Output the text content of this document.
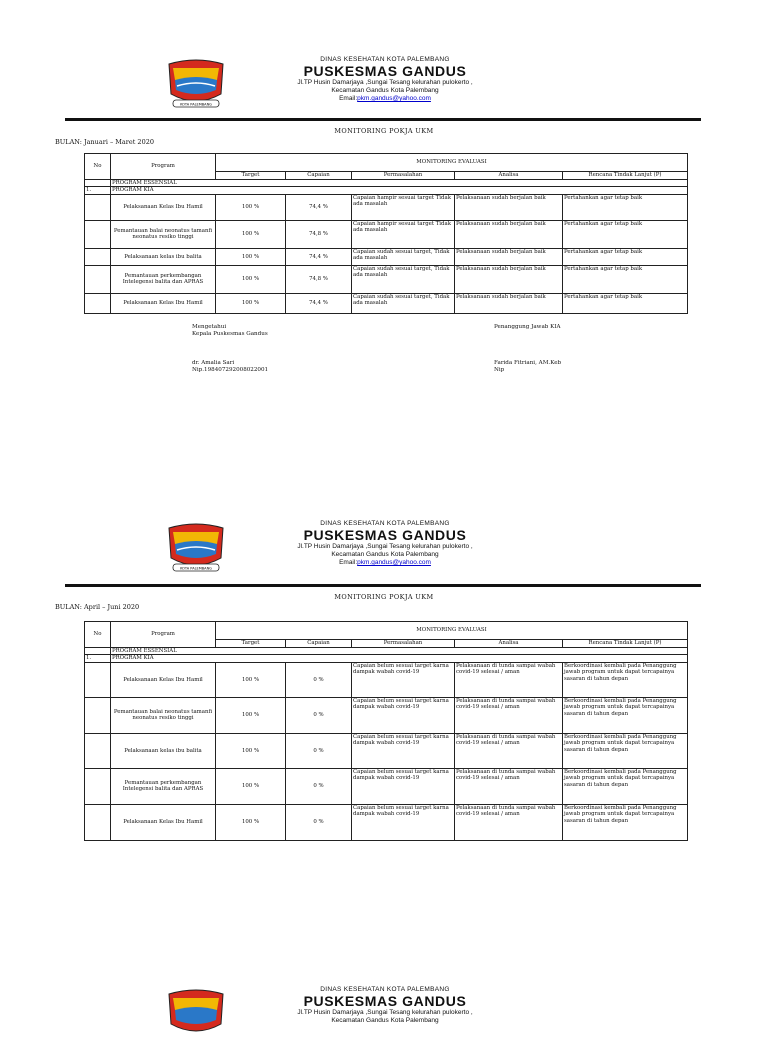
KOTA PALEMBANG
DINAS KESEHATAN KOTA PALEMBANG
PUSKESMAS GANDUS
Jl.TP Husin Damarjaya ,Sungai Tesang kelurahan pulokerto ,
Kecamatan Gandus Kota Palembang
Email:pkm.gandus@yahoo.com
MONITORING POKJA UKM
BULAN: Januari – Maret 2020
No	Program	MONITORING EVALUASI				
		Target	Capaian	Permasalahan	Analisa	Rencana Tindak Lanjut (P)
	PROGRAM ESSENSIAL					
1.	PROGRAM KIA					
	Pelaksanaan Kelas Ibu Hamil	100 %	74,4 %	Capaian hampir sesuai target Tidak ada masalah	Pelaksanaan sudah berjalan baik	Pertahankan agar tetap baik
	Pemantauan balai neonatus tamanfi neonatus resiko tinggi	100 %	74,8 %	Capaian hampir sesuai target Tidak ada masalah	Pelaksanaan sudah berjalan baik	Pertahankan agar tetap baik
	Pelaksanaan kelas ibu balita	100 %	74,4 %	Capaian sudah sesuai target, Tidak ada masalah	Pelaksanaan sudah berjalan baik	Pertahankan agar tetap baik
	Pemantauan perkembangan Intelegensi balita dan APRAS	100 %	74,8 %	Capaian sudah sesuai target, Tidak ada masalah	Pelaksanaan sudah berjalan baik	Pertahankan agar tetap baik
	Pelaksanaan Kelas Ibu Hamil	100 %	74,4 %	Capaian sudah sesuai target, Tidak ada masalah	Pelaksanaan sudah berjalan baik	Pertahankan agar tetap baik
Mengetahui
Kepala Puskesmas Gandus
dr. Amalia Sari
Nip.198407292008022001
Penanggung Jawab KIA
Farida Fitriani, AM.Keb
Nip
KOTA PALEMBANG
DINAS KESEHATAN KOTA PALEMBANG
PUSKESMAS GANDUS
Jl.TP Husin Damarjaya ,Sungai Tesang kelurahan pulokerto ,
Kecamatan Gandus Kota Palembang
Email:pkm.gandus@yahoo.com
MONITORING POKJA UKM
BULAN: April – Juni 2020
No	Program	MONITORING EVALUASI				
		Target	Capaian	Permasalahan	Analisa	Rencana Tindak Lanjut (P)
	PROGRAM ESSENSIAL					
1.	PROGRAM KIA					
	Pelaksanaan Kelas Ibu Hamil	100 %	0 %	Capaian belum sesuai target karna dampak wabah covid-19	Pelaksanaan di tunda sampai wabah covid-19 selesai / aman	Berkoordinasi kembali pada Penanggung jawab program untuk dapat tercapainya sasaran di tahun depan
	Pemantauan balai neonatus tamanfi neonatus resiko tinggi	100 %	0 %	Capaian belum sesuai target karna dampak wabah covid-19	Pelaksanaan di tunda sampai wabah covid-19 selesai / aman	Berkoordinasi kembali pada Penanggung jawab program untuk dapat tercapainya sasaran di tahun depan
	Pelaksanaan kelas ibu balita	100 %	0 %	Capaian belum sesuai target karna dampak wabah covid-19	Pelaksanaan di tunda sampai wabah covid-19 selesai / aman	Berkoordinasi kembali pada Penanggung jawab program untuk dapat tercapainya sasaran di tahun depan
	Pemantauan perkembangan Intelegensi balita dan APRAS	100 %	0 %	Capaian belum sesuai target karna dampak wabah covid-19	Pelaksanaan di tunda sampai wabah covid-19 selesai / aman	Berkoordinasi kembali pada Penanggung jawab program untuk dapat tercapainya sasaran di tahun depan
	Pelaksanaan Kelas Ibu Hamil	100 %	0 %	Capaian belum sesuai target karna dampak wabah covid-19	Pelaksanaan di tunda sampai wabah covid-19 selesai / aman	Berkoordinasi kembali pada Penanggung jawab program untuk dapat tercapainya sasaran di tahun depan
DINAS KESEHATAN KOTA PALEMBANG
PUSKESMAS GANDUS
Jl.TP Husin Damarjaya ,Sungai Tesang kelurahan pulokerto ,
Kecamatan Gandus Kota Palembang
